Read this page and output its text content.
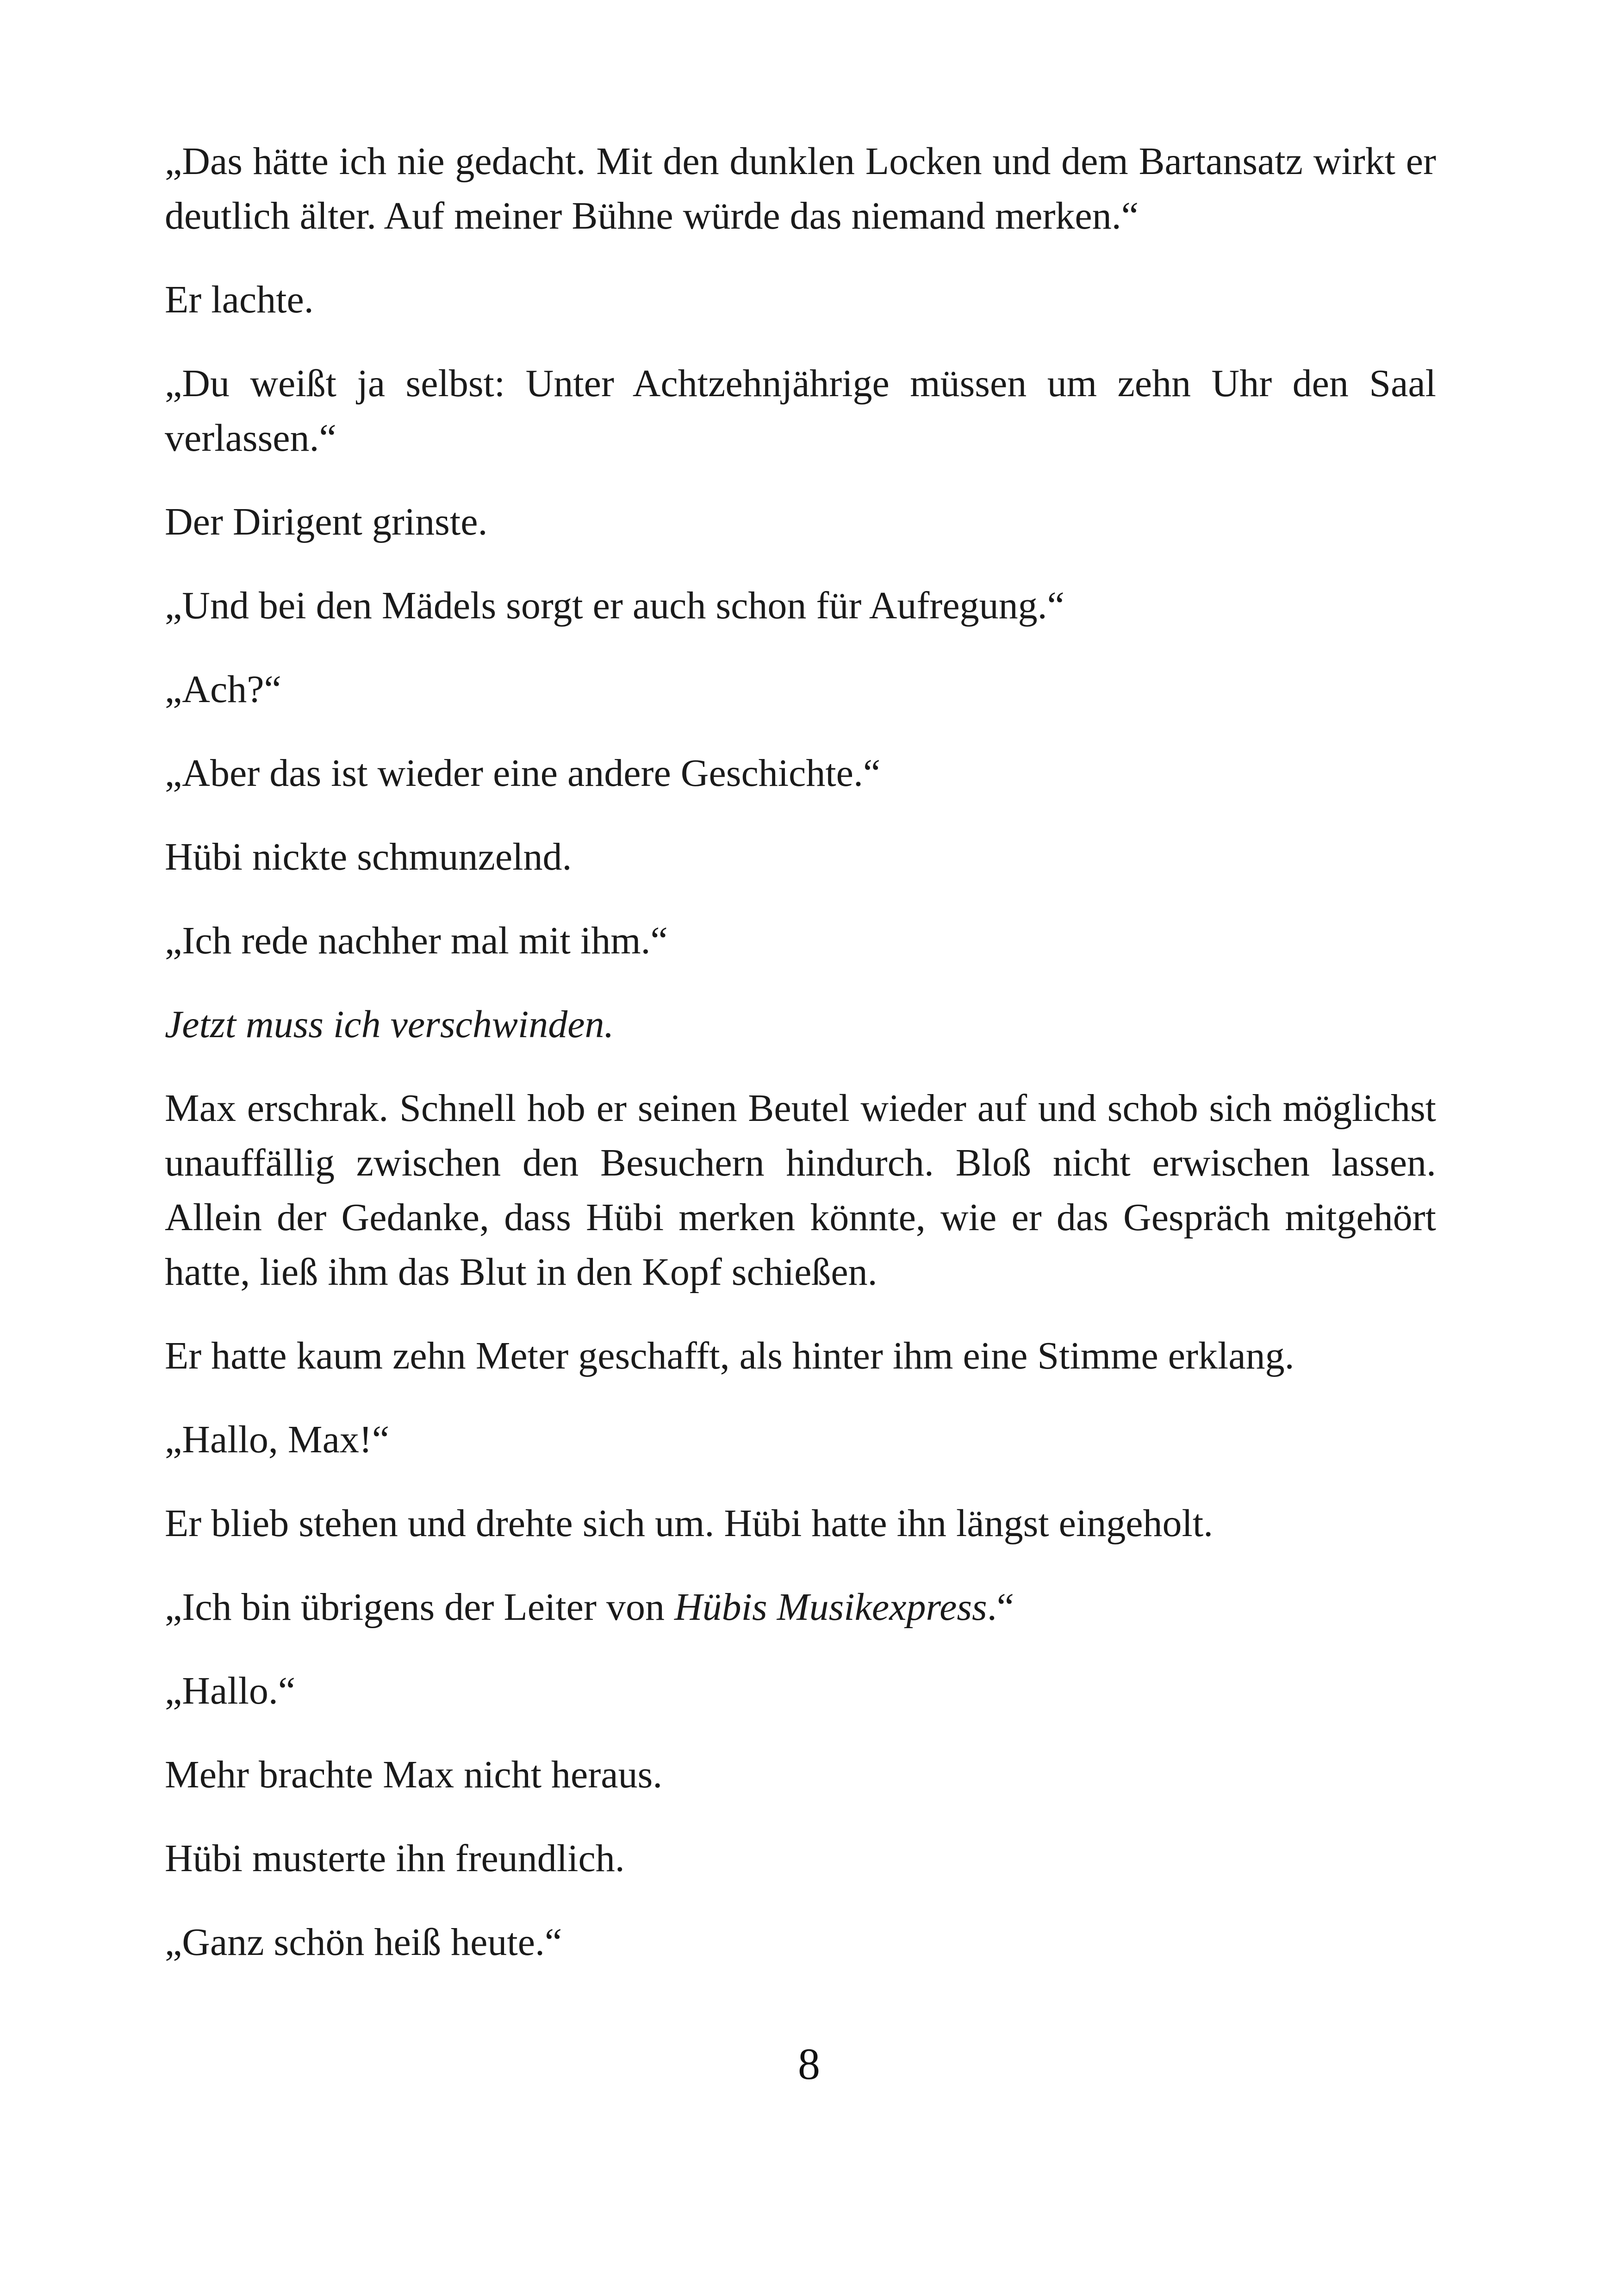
„Das hätte ich nie gedacht. Mit den dunklen Locken und dem Bartansatz wirkt er deutlich älter. Auf meiner Bühne würde das niemand merken.“

Er lachte.

„Du weißt ja selbst: Unter Achtzehnjährige müssen um zehn Uhr den Saal verlassen.“

Der Dirigent grinste.

„Und bei den Mädels sorgt er auch schon für Aufregung.“

„Ach?“

„Aber das ist wieder eine andere Geschichte.“

Hübi nickte schmunzelnd.

„Ich rede nachher mal mit ihm.“

Jetzt muss ich verschwinden.

Max erschrak. Schnell hob er seinen Beutel wieder auf und schob sich möglichst unauffällig zwischen den Besuchern hindurch. Bloß nicht erwischen lassen. Allein der Gedanke, dass Hübi merken könnte, wie er das Gespräch mitgehört hatte, ließ ihm das Blut in den Kopf schießen.

Er hatte kaum zehn Meter geschafft, als hinter ihm eine Stimme erklang.

„Hallo, Max!“

Er blieb stehen und drehte sich um. Hübi hatte ihn längst eingeholt.

„Ich bin übrigens der Leiter von Hübis Musikexpress.“

„Hallo.“

Mehr brachte Max nicht heraus.

Hübi musterte ihn freundlich.

„Ganz schön heiß heute.“

8
